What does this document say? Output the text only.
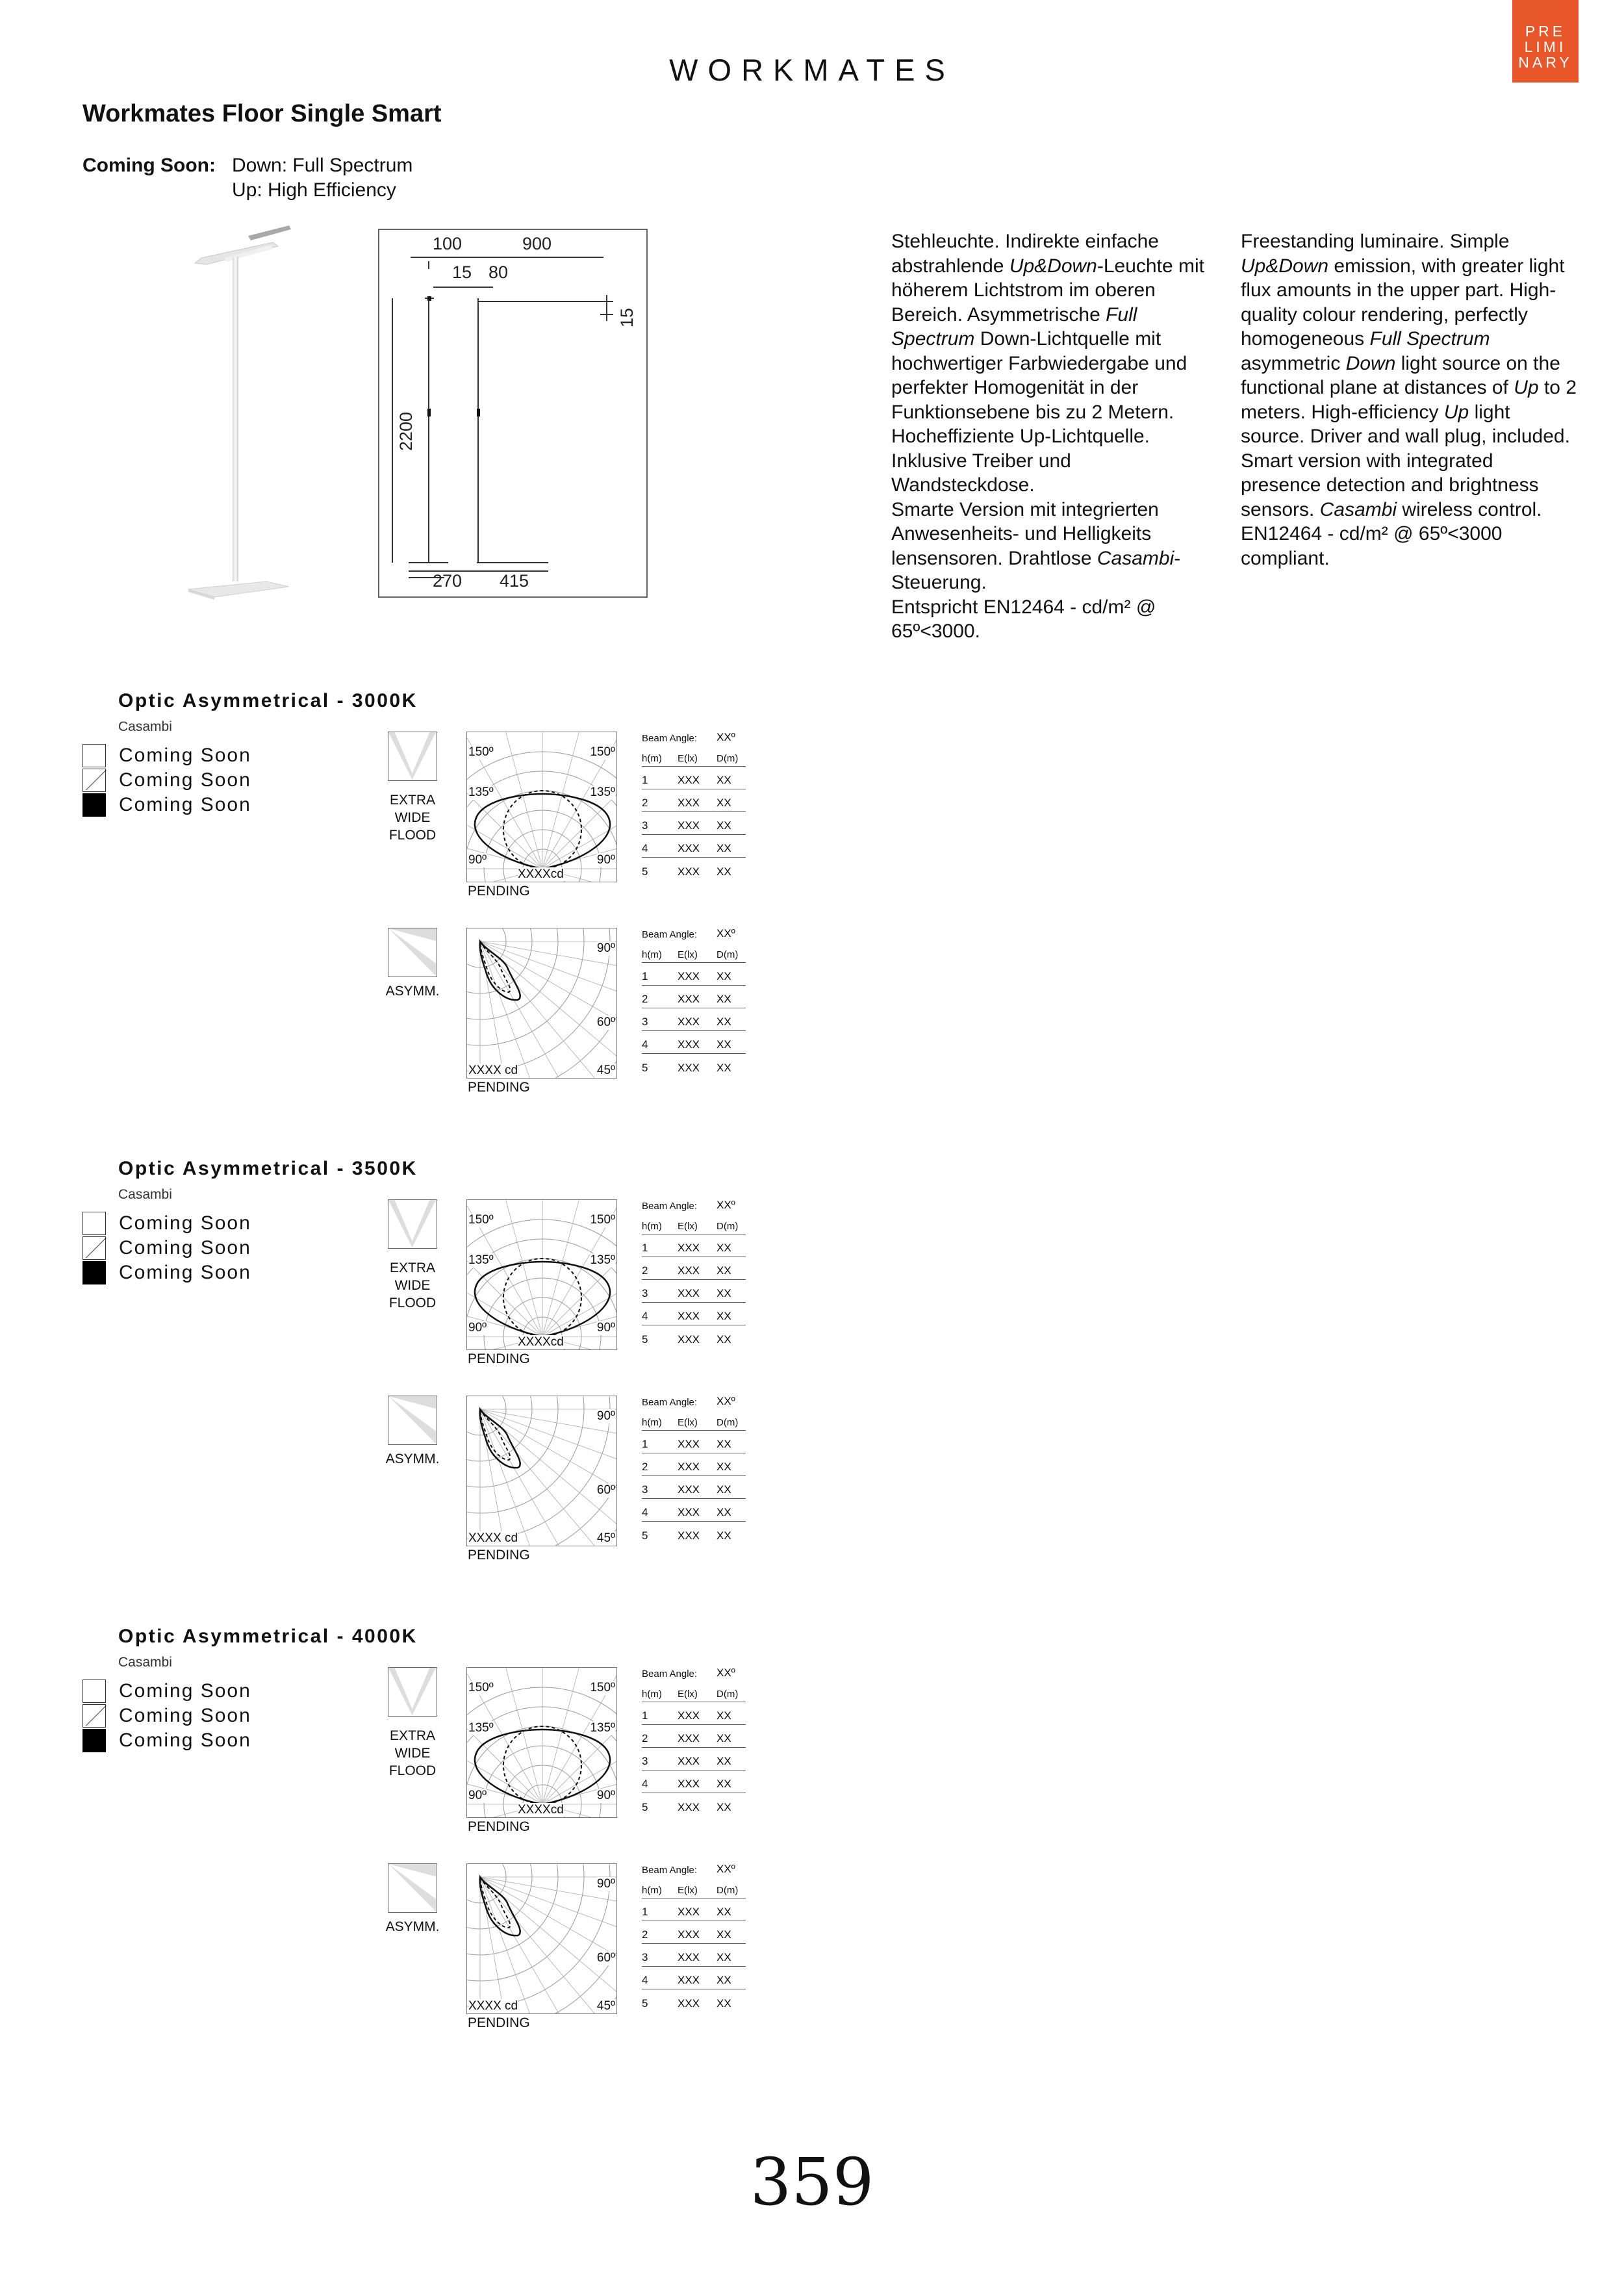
WORKMATES
PRE
LIMI
NARY
Workmates Floor Single Smart
Coming Soon: Down: Full Spectrum
Up: High Efficiency
100	900
15 80
15
2200
270 415
Stehleuchte. Indirekte einfache abstrahlende Up&Down-Leuchte mit höherem Lichtstrom im oberen Bereich. Asymmetrische Full Spectrum Down-Lichtquelle mit hochwertiger Farbwiedergabe und perfekter Homogenität in der Funktionsebene bis zu 2 Metern. Hocheffiziente Up-Lichtquelle. Inklusive Treiber und Wandsteckdose.
Smarte Version mit integrierten Anwesenheits- und Helligkeits lensensoren. Drahtlose Casambi-Steuerung.
Entspricht EN12464 - cd/m² @ 65º<3000.
Freestanding luminaire. Simple Up&Down emission, with greater light flux amounts in the upper part. High-quality colour rendering, perfectly homogeneous Full Spectrum asymmetric Down light source on the functional plane at distances of Up to 2 meters. High-efficiency Up light source. Driver and wall plug, included.
Smart version with integrated presence detection and brightness sensors. Casambi wireless control.
EN12464 - cd/m² @ 65º<3000 compliant.
Optic Asymmetrical - 3000K
Casambi
Coming Soon
Coming Soon
Coming Soon	EXTRA
WIDE
FLOOD
150º	150º
135º	135º
90º	90º
XXXXcd
PENDING
Beam Angle:	XXº
h(m)	E(lx)	D(m)
1	XXX	XX
2	XXX	XX
3	XXX	XX
4	XXX	XX
5	XXX	XX
ASYMM.
90º
60º
45º
XXXX cd
PENDING
Beam Angle:	XXº
h(m)	E(lx)	D(m)
1	XXX	XX
2	XXX	XX
3	XXX	XX
4	XXX	XX
5	XXX	XX
Optic Asymmetrical - 3500K
Casambi
Coming Soon
Coming Soon
Coming Soon	EXTRA
WIDE
FLOOD
150º	150º
135º	135º
90º	90º
XXXXcd
PENDING
Beam Angle:	XXº
h(m)	E(lx)	D(m)
1	XXX	XX
2	XXX	XX
3	XXX	XX
4	XXX	XX
5	XXX	XX
ASYMM.
90º
60º
45º
XXXX cd
PENDING
Beam Angle:	XXº
h(m)	E(lx)	D(m)
1	XXX	XX
2	XXX	XX
3	XXX	XX
4	XXX	XX
5	XXX	XX
Optic Asymmetrical - 4000K
Casambi
Coming Soon
Coming Soon
Coming Soon	EXTRA
WIDE
FLOOD
150º	150º
135º	135º
90º	90º
XXXXcd
PENDING
Beam Angle:	XXº
h(m)	E(lx)	D(m)
1	XXX	XX
2	XXX	XX
3	XXX	XX
4	XXX	XX
5	XXX	XX
ASYMM.
90º
60º
45º
XXXX cd
PENDING
Beam Angle:	XXº
h(m)	E(lx)	D(m)
1	XXX	XX
2	XXX	XX
3	XXX	XX
4	XXX	XX
5	XXX	XX
359
